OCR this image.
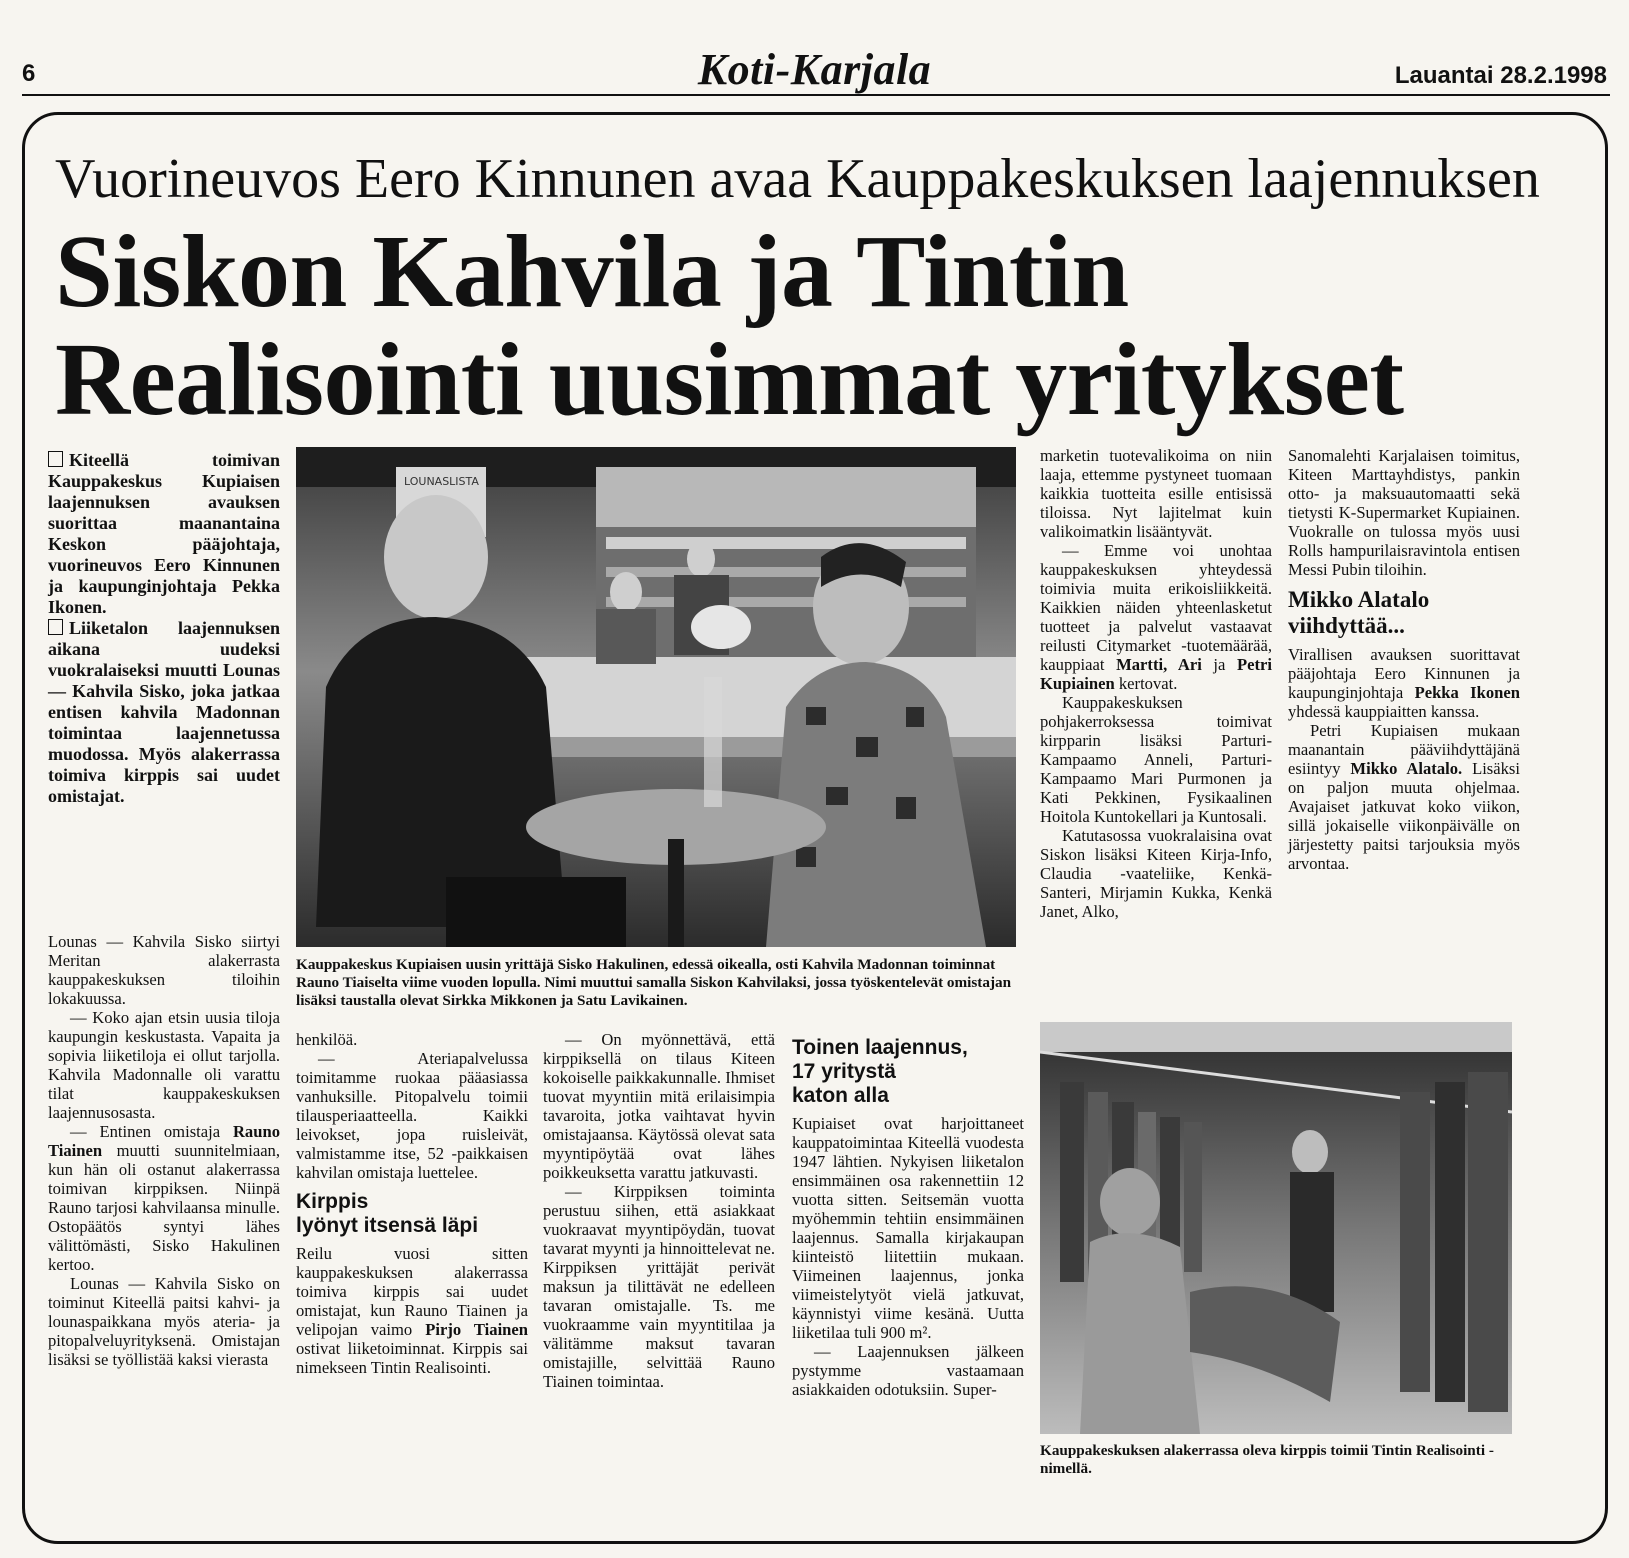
6	Koti-Karjala	Lauantai 28.2.1998
Vuorineuvos Eero Kinnunen avaa Kauppakeskuksen laajennuksen
Siskon Kahvila ja Tintin
Realisointi uusimmat yritykset

Kiteellä toimivan Kauppakeskus Kupiaisen laajennuksen avauksen suorittaa maanantaina Keskon pääjohtaja, vuorineuvos Eero Kinnunen ja kaupunginjohtaja Pekka Ikonen.

Liiketalon laajennuksen aikana uudeksi vuokralaiseksi muutti Lounas — Kahvila Sisko, joka jatkaa entisen kahvila Madonnan toimintaa laajennetussa muodossa. Myös alakerrassa toimiva kirppis sai uudet omistajat.

Lounas — Kahvila Sisko siirtyi Meritan alakerrasta kauppakeskuksen tiloihin lokakuussa.

— Koko ajan etsin uusia tiloja kaupungin keskustasta. Vapaita ja sopivia liiketiloja ei ollut tarjolla. Kahvila Madonnalle oli varattu tilat kauppakeskuksen laajennusosasta.

— Entinen omistaja Rauno Tiainen muutti suunnitelmiaan, kun hän oli ostanut alakerrassa toimivan kirppiksen. Niinpä Rauno tarjosi kahvilaansa minulle. Ostopäätös syntyi lähes välittömästi, Sisko Hakulinen kertoo.

Lounas — Kahvila Sisko on toiminut Kiteellä paitsi kahvi- ja lounaspaikkana myös ateria- ja pitopalveluyrityksenä. Omistajan lisäksi se työllistää kaksi vierasta

LOUNASLISTA
Kauppakeskus Kupiaisen uusin yrittäjä Sisko Hakulinen, edessä oikealla, osti Kahvila Madonnan toiminnat Rauno Tiaiselta viime vuoden lopulla. Nimi muuttui samalla Siskon Kahvilaksi, jossa työskentelevät omistajan lisäksi taustalla olevat Sirkka Mikkonen ja Satu Lavikainen.

henkilöä.

— Ateriapalvelussa toimitamme ruokaa pääasiassa vanhuksille. Pitopalvelu toimii tilausperiaatteella. Kaikki leivokset, jopa ruisleivät, valmistamme itse, 52 -paikkaisen kahvilan omistaja luettelee.

Kirppis
lyönyt itsensä läpi

Reilu vuosi sitten kauppakeskuksen alakerrassa toimiva kirppis sai uudet omistajat, kun Rauno Tiainen ja velipojan vaimo Pirjo Tiainen ostivat liiketoiminnat. Kirppis sai nimekseen Tintin Realisointi.

— On myönnettävä, että kirppiksellä on tilaus Kiteen kokoiselle paikkakunnalle. Ihmiset tuovat myyntiin mitä erilaisimpia tavaroita, jotka vaihtavat hyvin omistajaansa. Käytössä olevat sata myyntipöytää ovat lähes poikkeuksetta varattu jatkuvasti.

— Kirppiksen toiminta perustuu siihen, että asiakkaat vuokraavat myyntipöydän, tuovat tavarat myynti ja hinnoittelevat ne. Kirppiksen yrittäjät perivät maksun ja tilittävät ne edelleen tavaran omistajalle. Ts. me vuokraamme vain myyntitilaa ja välitämme maksut tavaran omistajille, selvittää Rauno Tiainen toimintaa.

Toinen laajennus,
17 yritystä
katon alla

Kupiaiset ovat harjoittaneet kauppatoimintaa Kiteellä vuodesta 1947 lähtien. Nykyisen liiketalon ensimmäinen osa rakennettiin 12 vuotta sitten. Seitsemän vuotta myöhemmin tehtiin ensimmäinen laajennus. Samalla kirjakaupan kiinteistö liitettiin mukaan. Viimeinen laajennus, jonka viimeistelytyöt vielä jatkuvat, käynnistyi viime kesänä. Uutta liiketilaa tuli 900 m².

— Laajennuksen jälkeen pystymme vastaamaan asiakkaiden odotuksiin. Super-

marketin tuotevalikoima on niin laaja, ettemme pystyneet tuomaan kaikkia tuotteita esille entisissä tiloissa. Nyt lajitelmat kuin valikoimatkin lisääntyvät.

— Emme voi unohtaa kauppakeskuksen yhteydessä toimivia muita erikoisliikkeitä. Kaikkien näiden yhteenlasketut tuotteet ja palvelut vastaavat reilusti Citymarket -tuotemäärää, kauppiaat Martti, Ari ja Petri Kupiainen kertovat.

Kauppakeskuksen pohjakerroksessa toimivat kirpparin lisäksi Parturi-Kampaamo Anneli, Parturi-Kampaamo Mari Purmonen ja Kati Pekkinen, Fysikaalinen Hoitola Kuntokellari ja Kuntosali.

Katutasossa vuokralaisina ovat Siskon lisäksi Kiteen Kirja-Info, Claudia -vaateliike, Kenkä-Santeri, Mirjamin Kukka, Kenkä Janet, Alko,

Sanomalehti Karjalaisen toimitus, Kiteen Marttayhdistys, pankin otto- ja maksuautomaatti sekä tietysti K-Supermarket Kupiainen. Vuokralle on tulossa myös uusi Rolls hampurilaisravintola entisen Messi Pubin tiloihin.

Mikko Alatalo
viihdyttää...

Virallisen avauksen suorittavat pääjohtaja Eero Kinnunen ja kaupunginjohtaja Pekka Ikonen yhdessä kauppiaitten kanssa.

Petri Kupiaisen mukaan maanantain pääviihdyttäjänä esiintyy Mikko Alatalo. Lisäksi on paljon muuta ohjelmaa. Avajaiset jatkuvat koko viikon, sillä jokaiselle viikonpäivälle on järjestetty paitsi tarjouksia myös arvontaa.

Kauppakeskuksen alakerrassa oleva kirppis toimii Tintin Realisointi -nimellä.
